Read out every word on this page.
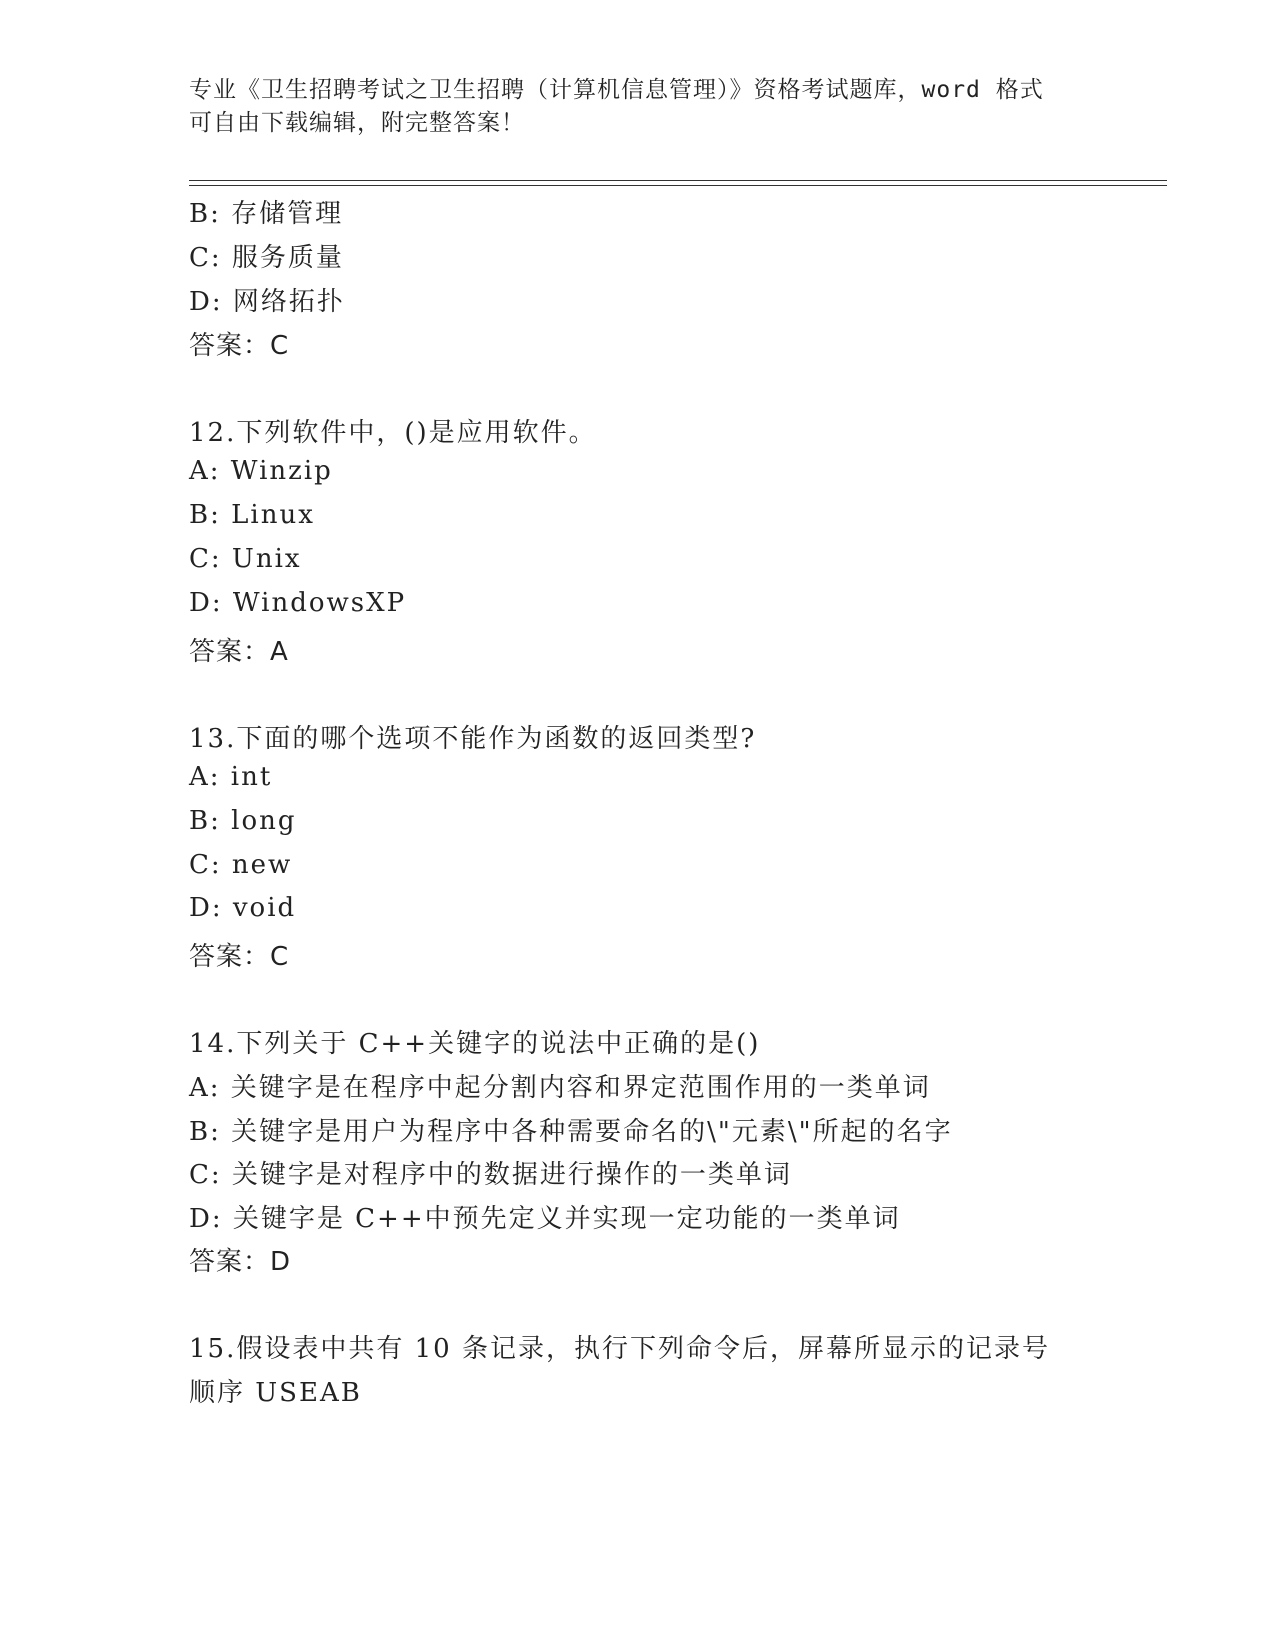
专业《卫生招聘考试之卫生招聘（计算机信息管理）》资格考试题库，word 格式
可自由下载编辑，附完整答案！
B: 存储管理
C: 服务质量
D: 网络拓扑
答案：C
12.下列软件中，()是应用软件。
A: Winzip
B: Linux
C: Unix
D: WindowsXP
答案：A
13.下面的哪个选项不能作为函数的返回类型?
A: int
B: long
C: new
D: void
答案：C
14.下列关于 C++关键字的说法中正确的是()
A: 关键字是在程序中起分割内容和界定范围作用的一类单词
B: 关键字是用户为程序中各种需要命名的\"元素\"所起的名字
C: 关键字是对程序中的数据进行操作的一类单词
D: 关键字是 C++中预先定义并实现一定功能的一类单词
答案：D
15.假设表中共有 10 条记录，执行下列命令后，屏幕所显示的记录号
顺序 USEAB
